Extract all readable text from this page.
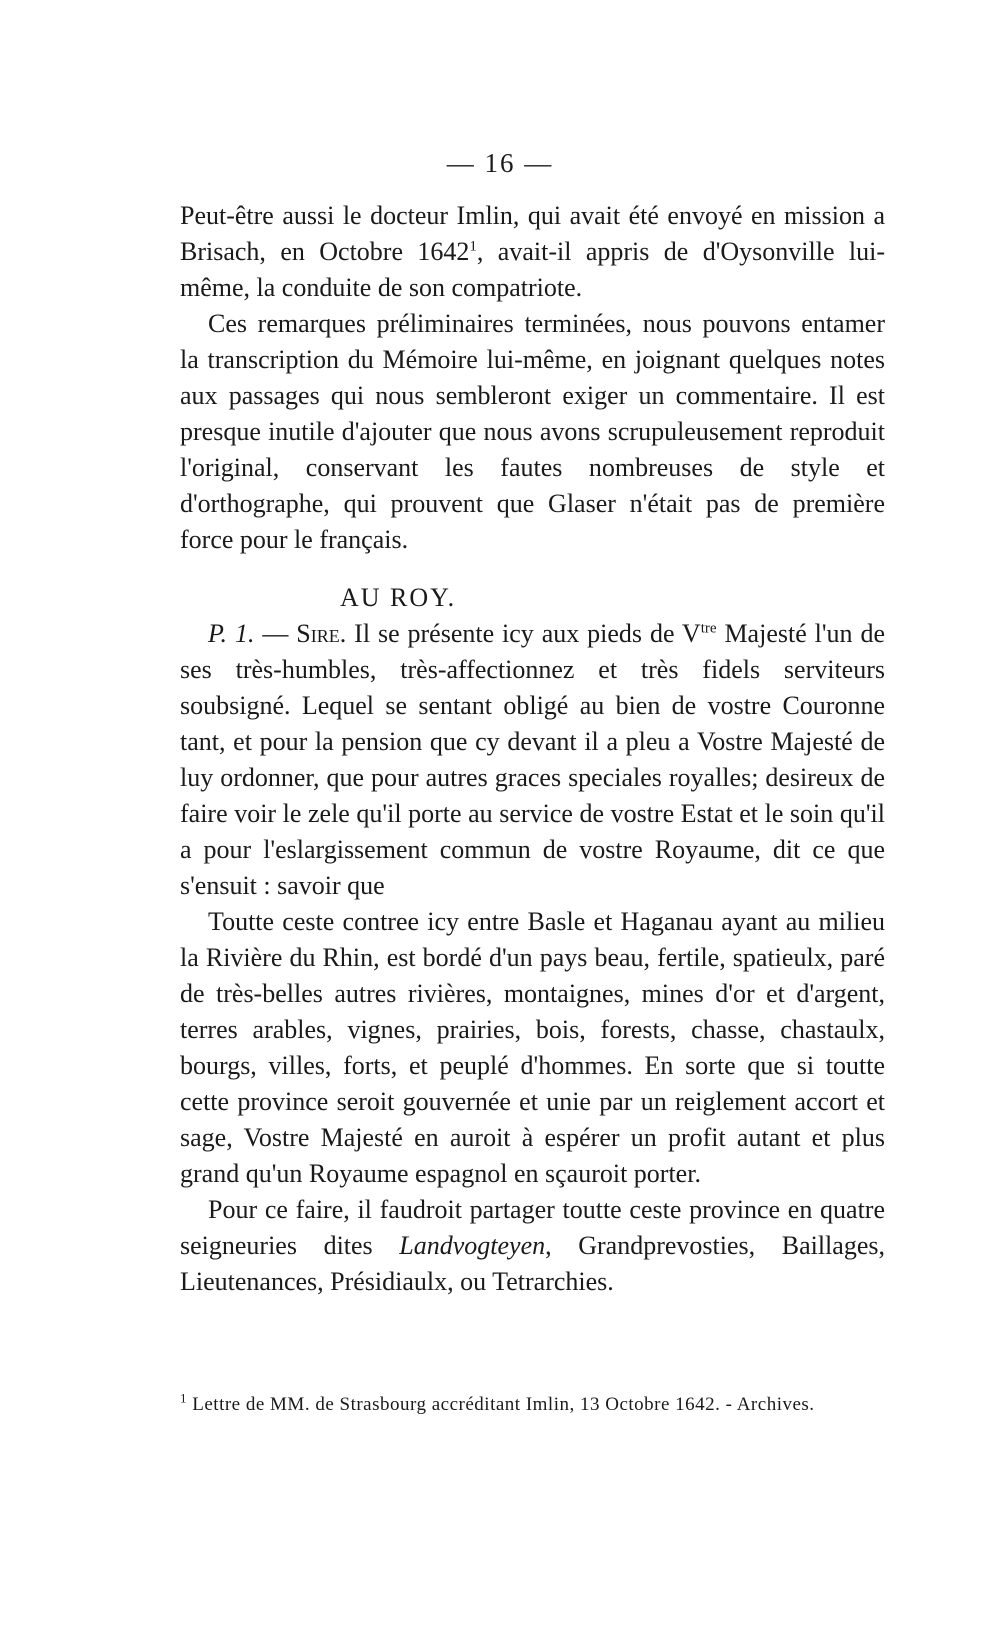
— 16 —

Peut-être aussi le docteur Imlin, qui avait été envoyé en mission a Brisach, en Octobre 1642$^1$, avait-il appris de d'Oysonville lui-même, la conduite de son compatriote.

Ces remarques préliminaires terminées, nous pouvons entamer la transcription du Mémoire lui-même, en joignant quelques notes aux passages qui nous sembleront exiger un commentaire. Il est presque inutile d'ajouter que nous avons scrupuleusement reproduit l'original, conservant les fautes nombreuses de style et d'orthographe, qui prouvent que Glaser n'était pas de première force pour le français.

AU ROY.

P. 1. — Sire. Il se présente icy aux pieds de $V^{tre}$ Majesté l'un de ses très-humbles, très-affectionnez et très fidels serviteurs soubsigné. Lequel se sentant obligé au bien de vostre Couronne tant, et pour la pension que cy devant il a pleu a Vostre Majesté de luy ordonner, que pour autres graces speciales royalles; desireux de faire voir le zele qu'il porte au service de vostre Estat et le soin qu'il a pour l'eslargissement commun de vostre Royaume, dit ce que s'ensuit : savoir que

Toutte ceste contree icy entre Basle et Haganau ayant au milieu la Rivière du Rhin, est bordé d'un pays beau, fertile, spatieulx, paré de très-belles autres rivières, montaignes, mines d'or et d'argent, terres arables, vignes, prairies, bois, forests, chasse, chastaulx, bourgs, villes, forts, et peuplé d'hommes. En sorte que si toutte cette province seroit gouvernée et unie par un reiglement accort et sage, Vostre Majesté en auroit à espérer un profit autant et plus grand qu'un Royaume espagnol en sçauroit porter.

Pour ce faire, il faudroit partager toutte ceste province en quatre seigneuries dites Landvogteyen, Grandprevosties, Baillages, Lieutenances, Présidiaulx, ou Tetrarchies.

$^1$ Lettre de MM. de Strasbourg accréditant Imlin, 13 Octobre 1642. - Archives.
